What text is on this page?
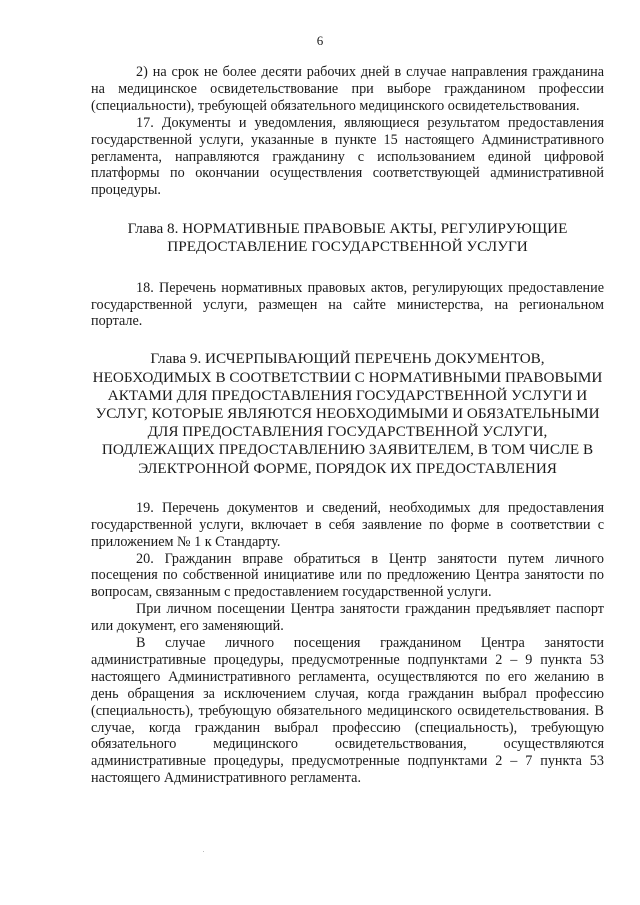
6

2) на срок не более десяти рабочих дней в случае направления гражданина на медицинское освидетельствование при выборе гражданином профессии (специальности), требующей обязательного медицинского освидетельствования.

17. Документы и уведомления, являющиеся результатом предоставления государственной услуги, указанные в пункте 15 настоящего Административного регламента, направляются гражданину с использованием единой цифровой платформы по окончании осуществления соответствующей административной процедуры.

Глава 8. НОРМАТИВНЫЕ ПРАВОВЫЕ АКТЫ, РЕГУЛИРУЮЩИЕ ПРЕДОСТАВЛЕНИЕ ГОСУДАРСТВЕННОЙ УСЛУГИ

18. Перечень нормативных правовых актов, регулирующих предоставление государственной услуги, размещен на сайте министерства, на региональном портале.

Глава 9. ИСЧЕРПЫВАЮЩИЙ ПЕРЕЧЕНЬ ДОКУМЕНТОВ, НЕОБХОДИМЫХ В СООТВЕТСТВИИ С НОРМАТИВНЫМИ ПРАВОВЫМИ АКТАМИ ДЛЯ ПРЕДОСТАВЛЕНИЯ ГОСУДАРСТВЕННОЙ УСЛУГИ И УСЛУГ, КОТОРЫЕ ЯВЛЯЮТСЯ НЕОБХОДИМЫМИ И ОБЯЗАТЕЛЬНЫМИ ДЛЯ ПРЕДОСТАВЛЕНИЯ ГОСУДАРСТВЕННОЙ УСЛУГИ, ПОДЛЕЖАЩИХ ПРЕДОСТАВЛЕНИЮ ЗАЯВИТЕЛЕМ, В ТОМ ЧИСЛЕ В ЭЛЕКТРОННОЙ ФОРМЕ, ПОРЯДОК ИХ ПРЕДОСТАВЛЕНИЯ

19. Перечень документов и сведений, необходимых для предоставления государственной услуги, включает в себя заявление по форме в соответствии с приложением № 1 к Стандарту.

20. Гражданин вправе обратиться в Центр занятости путем личного посещения по собственной инициативе или по предложению Центра занятости по вопросам, связанным с предоставлением государственной услуги.

При личном посещении Центра занятости гражданин предъявляет паспорт или документ, его заменяющий.

В случае личного посещения гражданином Центра занятости административные процедуры, предусмотренные подпунктами 2 – 9 пункта 53 настоящего Административного регламента, осуществляются по его желанию в день обращения за исключением случая, когда гражданин выбрал профессию (специальность), требующую обязательного медицинского освидетельствования. В случае, когда гражданин выбрал профессию (специальность), требующую обязательного медицинского освидетельствования, осуществляются административные процедуры, предусмотренные подпунктами 2 – 7 пункта 53 настоящего Административного регламента.
